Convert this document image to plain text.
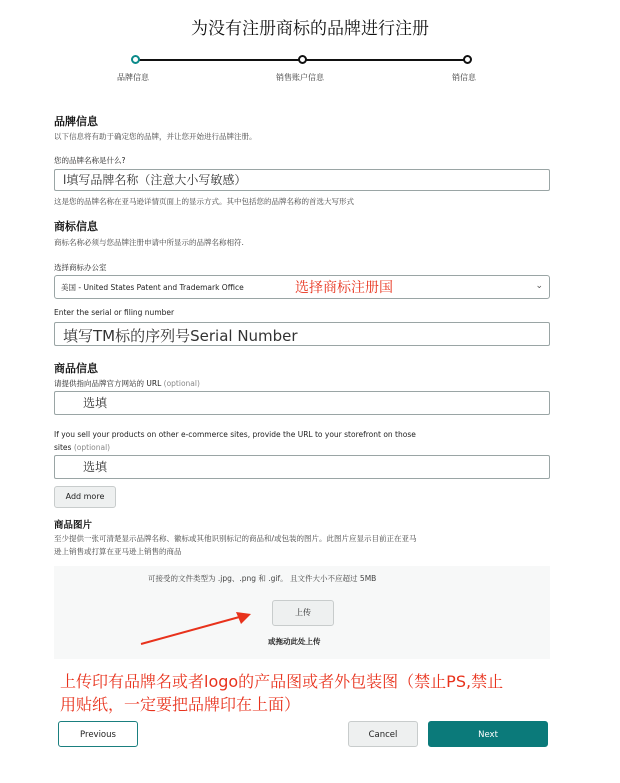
为没有注册商标的品牌进行注册
品牌信息	销售账户信息	销信息
品牌信息
以下信息将有助于确定您的品牌，并让您开始进行品牌注册。
您的品牌名称是什么?
l填写品牌名称（注意大小写敏感）
这是您的品牌名称在亚马逊详情页面上的显示方式。其中包括您的品牌名称的首选大写形式
商标信息
商标名称必须与您品牌注册申请中所显示的品牌名称相符.
选择商标办公室
美国 - United States Patent and Trademark Office	⌄
选择商标注册国
Enter the serial or filing number
填写TM标的序列号Serial Number
商品信息
请提供指向品牌官方网站的 URL (optional)
选填
If you sell your products on other e-commerce sites, provide the URL to your storefront on those
sites (optional)
选填
Add more
商品图片
至少提供一张可清楚显示品牌名称、徽标或其他识别标记的商品和/或包装的图片。此图片应显示目前正在亚马
逊上销售或打算在亚马逊上销售的商品
可接受的文件类型为 .jpg、.png 和 .gif。 且文件大小不应超过 5MB
上传
或拖动此处上传
上传印有品牌名或者logo的产品图或者外包装图（禁止PS,禁止
用贴纸，一定要把品牌印在上面）
Previous	Cancel	Next
